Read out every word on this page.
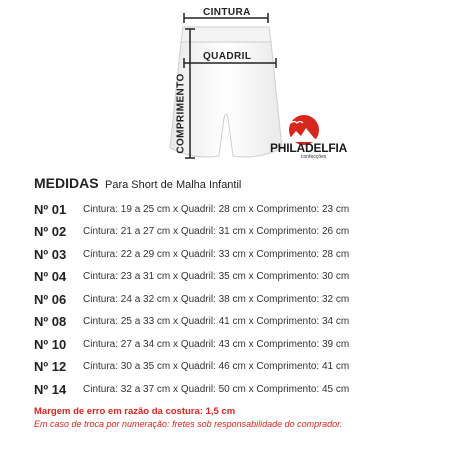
CINTURA
QUADRIL
COMPRIMENTO	PHILADELFIA
confecções
MEDIDAS Para Short de Malha Infantil
Nº 01	Cintura: 19 a 25 cm x Quadril: 28 cm x Comprimento: 23 cm
Nº 02	Cintura: 21 a 27 cm x Quadril: 31 cm x Comprimento: 26 cm
Nº 03	Cintura: 22 a 29 cm x Quadril: 33 cm x Comprimento: 28 cm
Nº 04	Cintura: 23 a 31 cm x Quadril: 35 cm x Comprimento: 30 cm
Nº 06	Cintura: 24 a 32 cm x Quadril: 38 cm x Comprimento: 32 cm
Nº 08	Cintura: 25 a 33 cm x Quadril: 41 cm x Comprimento: 34 cm
Nº 10	Cintura: 27 a 34 cm x Quadril: 43 cm x Comprimento: 39 cm
Nº 12	Cintura: 30 a 35 cm x Quadril: 46 cm x Comprimento: 41 cm
Nº 14	Cintura: 32 a 37 cm x Quadril: 50 cm x Comprimento: 45 cm
Margem de erro em razão da costura: 1,5 cm
Em caso de troca por numeração: fretes sob responsabilidade do comprador.
